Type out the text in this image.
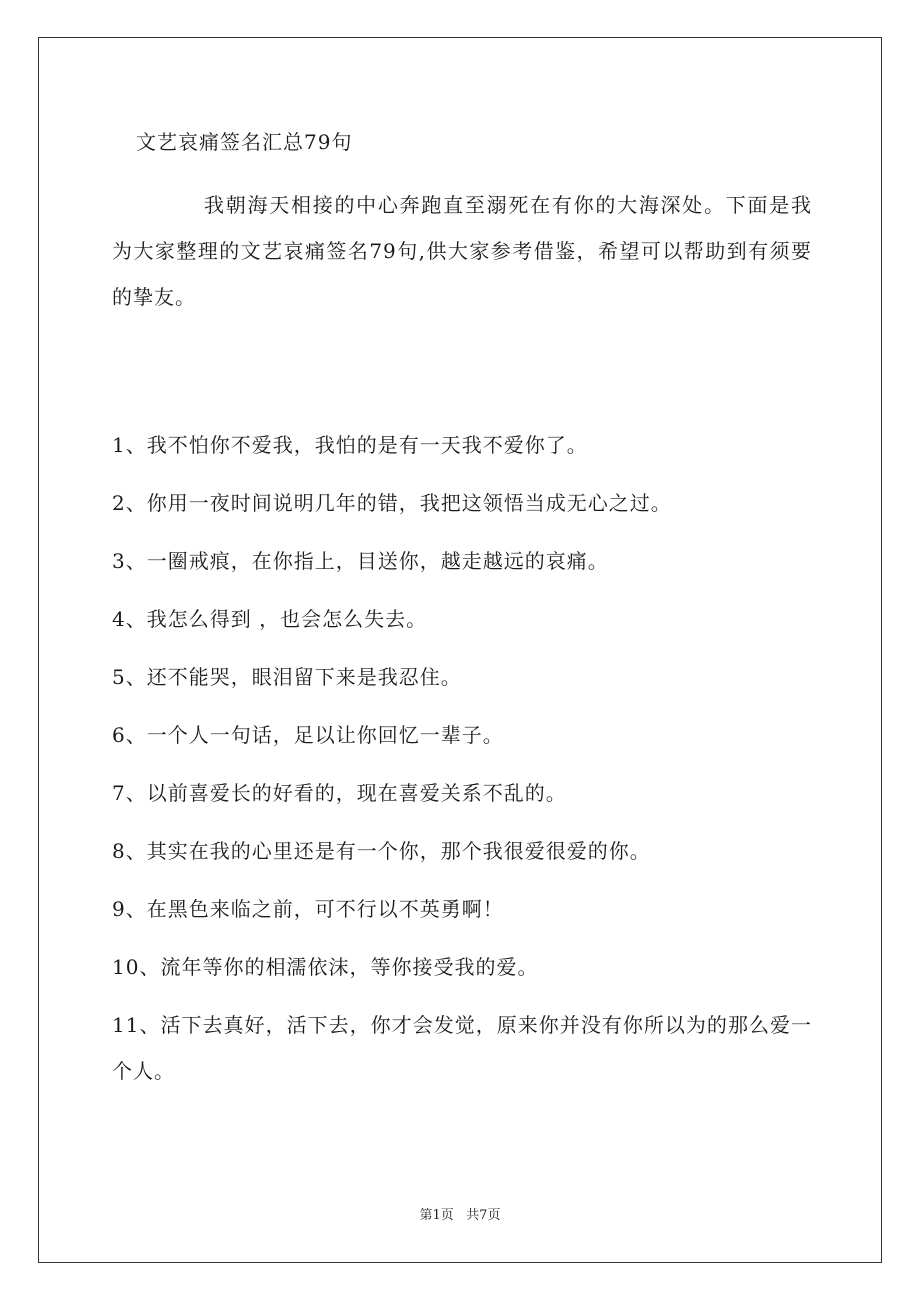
文艺哀痛签名汇总79句

我朝海天相接的中心奔跑直至溺死在有你的大海深处。下面是我为大家整理的文艺哀痛签名79句,供大家参考借鉴，希望可以帮助到有须要的挚友。

1、我不怕你不爱我，我怕的是有一天我不爱你了。
2、你用一夜时间说明几年的错，我把这领悟当成无心之过。
3、一圈戒痕，在你指上，目送你，越走越远的哀痛。
4、我怎么得到 ，也会怎么失去。
5、还不能哭，眼泪留下来是我忍住。
6、一个人一句话，足以让你回忆一辈子。
7、以前喜爱长的好看的，现在喜爱关系不乱的。
8、其实在我的心里还是有一个你，那个我很爱很爱的你。
9、在黑色来临之前，可不行以不英勇啊！
10、流年等你的相濡依沫，等你接受我的爱。
11、活下去真好，活下去，你才会发觉，原来你并没有你所以为的那么爱一个人。
第1页   共7页
